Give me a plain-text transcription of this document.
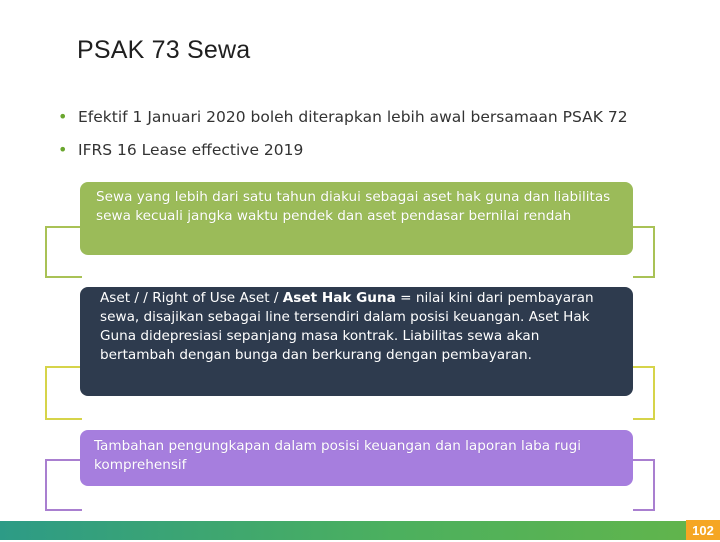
PSAK 73 Sewa
• Efektif 1 Januari 2020 boleh diterapkan lebih awal bersamaan PSAK 72
• IFRS 16 Lease effective 2019
Sewa yang lebih dari satu tahun diakui sebagai aset hak guna dan liabilitas sewa kecuali jangka waktu pendek dan aset pendasar bernilai rendah
Aset / / Right of Use Aset / Aset Hak Guna = nilai kini dari pembayaran sewa, disajikan sebagai line tersendiri dalam posisi keuangan. Aset Hak Guna didepresiasi sepanjang masa kontrak. Liabilitas sewa akan bertambah dengan bunga dan berkurang dengan pembayaran.
Tambahan pengungkapan dalam posisi keuangan dan laporan laba rugi komprehensif
102
